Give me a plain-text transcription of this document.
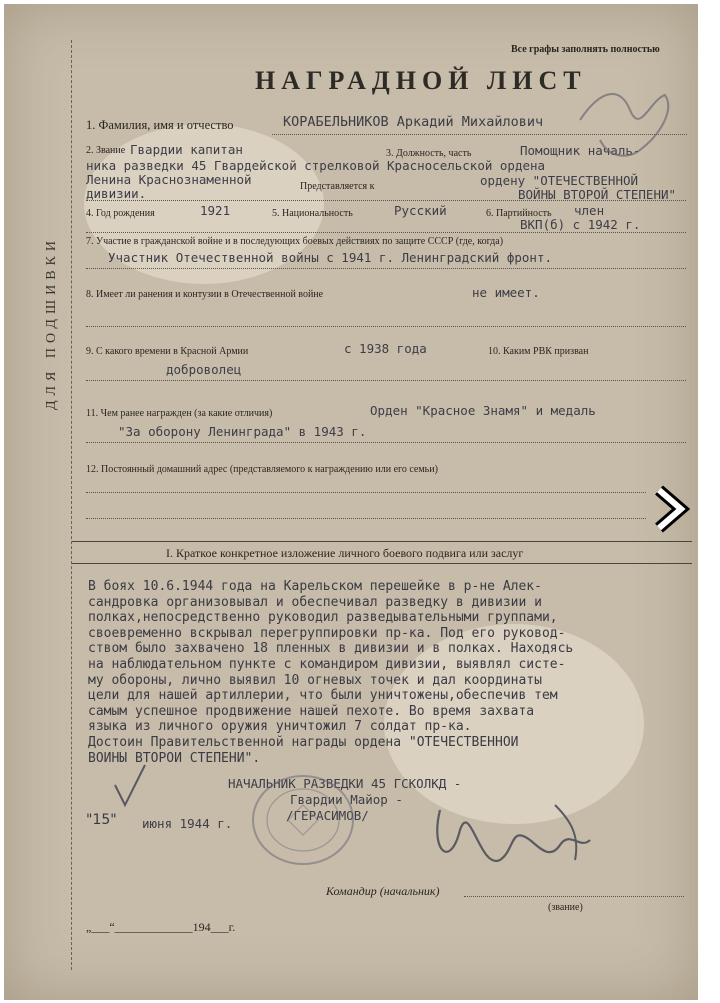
ДЛЯ ПОДШИВКИ
Все графы заполнять полностью
НАГРАДНОЙ ЛИСТ
1. Фамилия, имя и отчество	КОРАБЕЛЬНИКОВ Аркадий Михайлович
2. Звание Гвардии капитан	3. Должность, часть	Помощник началь-
ника разведки 45 Гвардейской стрелковой Красносельской ордена
Ленина Краснознаменной
дивизии.	Представляется к	ордену "ОТЕЧЕСТВЕННОЙ
ВОЙНЫ ВТОРОЙ СТЕПЕНИ"
4. Год рождения	1921	5. Национальность	Русский	6. Партийность член
ВКП(б) с 1942 г.
7. Участие в гражданской войне и в последующих боевых действиях по защите СССР (где, когда)
Участник Отечественной войны с 1941 г. Ленинградский фронт.
8. Имеет ли ранения и контузии в Отечественной войне	не имеет.
9. С какого времени в Красной Армии	с 1938 года	10. Каким РВК призван
доброволец
11. Чем ранее награжден (за какие отличия)	Орден "Красное Знамя" и медаль
"За оборону Ленинграда" в 1943 г.
12. Постоянный домашний адрес (представляемого к награждению или его семьи)
I. Краткое конкретное изложение личного боевого подвига или заслуг
В боях 10.6.1944 года на Карельском перешейке в р-не Алек-
сандровка организовывал и обеспечивал разведку в дивизии и
полках,непосредственно руководил разведывательными группами,
своевременно вскрывал перегруппировки пр-ка. Под его руковод-
ством было захвачено 18 пленных в дивизии и в полках. Находясь
на наблюдательном пункте с командиром дивизии, выявлял систе-
му обороны, лично выявил 10 огневых точек и дал координаты
цели для нашей артиллерии, что были уничтожены,обеспечив тем
самым успешное продвижение нашей пехоте. Во время захвата
языка из личного оружия уничтожил 7 солдат пр-ка.
Достоин Правительственной награды ордена "ОТЕЧЕСТВЕННОЙ
ВОЙНЫ ВТОРОЙ СТЕПЕНИ".
НАЧАЛЬНИК РАЗВЕДКИ 45 ГСКОЛКД -
Гвардии Майор -
/ГЕРАСИМОВ/
"15" июня 1944 г.
Командир (начальник)
(звание)
„___“_____________194___г.
